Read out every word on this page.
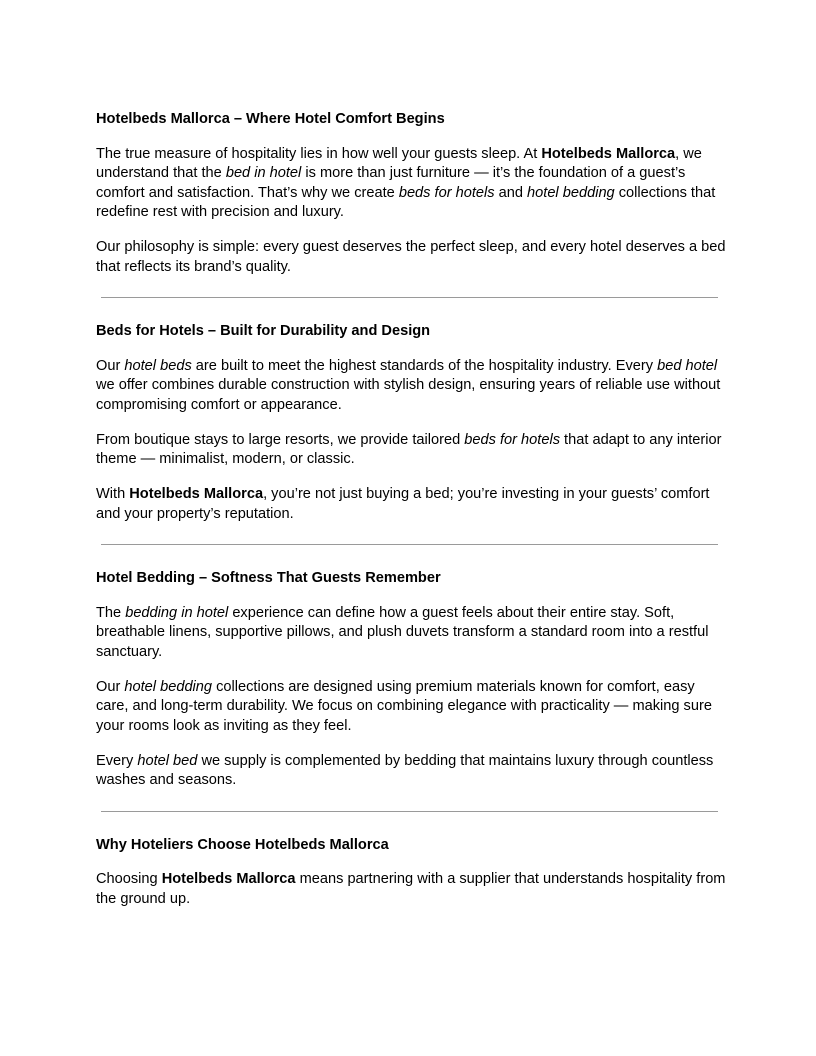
Hotelbeds Mallorca – Where Hotel Comfort Begins

The true measure of hospitality lies in how well your guests sleep. At Hotelbeds Mallorca, we understand that the bed in hotel is more than just furniture — it’s the foundation of a guest’s comfort and satisfaction. That’s why we create beds for hotels and hotel bedding collections that redefine rest with precision and luxury.

Our philosophy is simple: every guest deserves the perfect sleep, and every hotel deserves a bed that reflects its brand’s quality.

Beds for Hotels – Built for Durability and Design

Our hotel beds are built to meet the highest standards of the hospitality industry. Every bed hotel we offer combines durable construction with stylish design, ensuring years of reliable use without compromising comfort or appearance.

From boutique stays to large resorts, we provide tailored beds for hotels that adapt to any interior theme — minimalist, modern, or classic.

With Hotelbeds Mallorca, you’re not just buying a bed; you’re investing in your guests’ comfort and your property’s reputation.

Hotel Bedding – Softness That Guests Remember

The bedding in hotel experience can define how a guest feels about their entire stay. Soft, breathable linens, supportive pillows, and plush duvets transform a standard room into a restful sanctuary.

Our hotel bedding collections are designed using premium materials known for comfort, easy care, and long-term durability. We focus on combining elegance with practicality — making sure your rooms look as inviting as they feel.

Every hotel bed we supply is complemented by bedding that maintains luxury through countless washes and seasons.

Why Hoteliers Choose Hotelbeds Mallorca

Choosing Hotelbeds Mallorca means partnering with a supplier that understands hospitality from the ground up.
